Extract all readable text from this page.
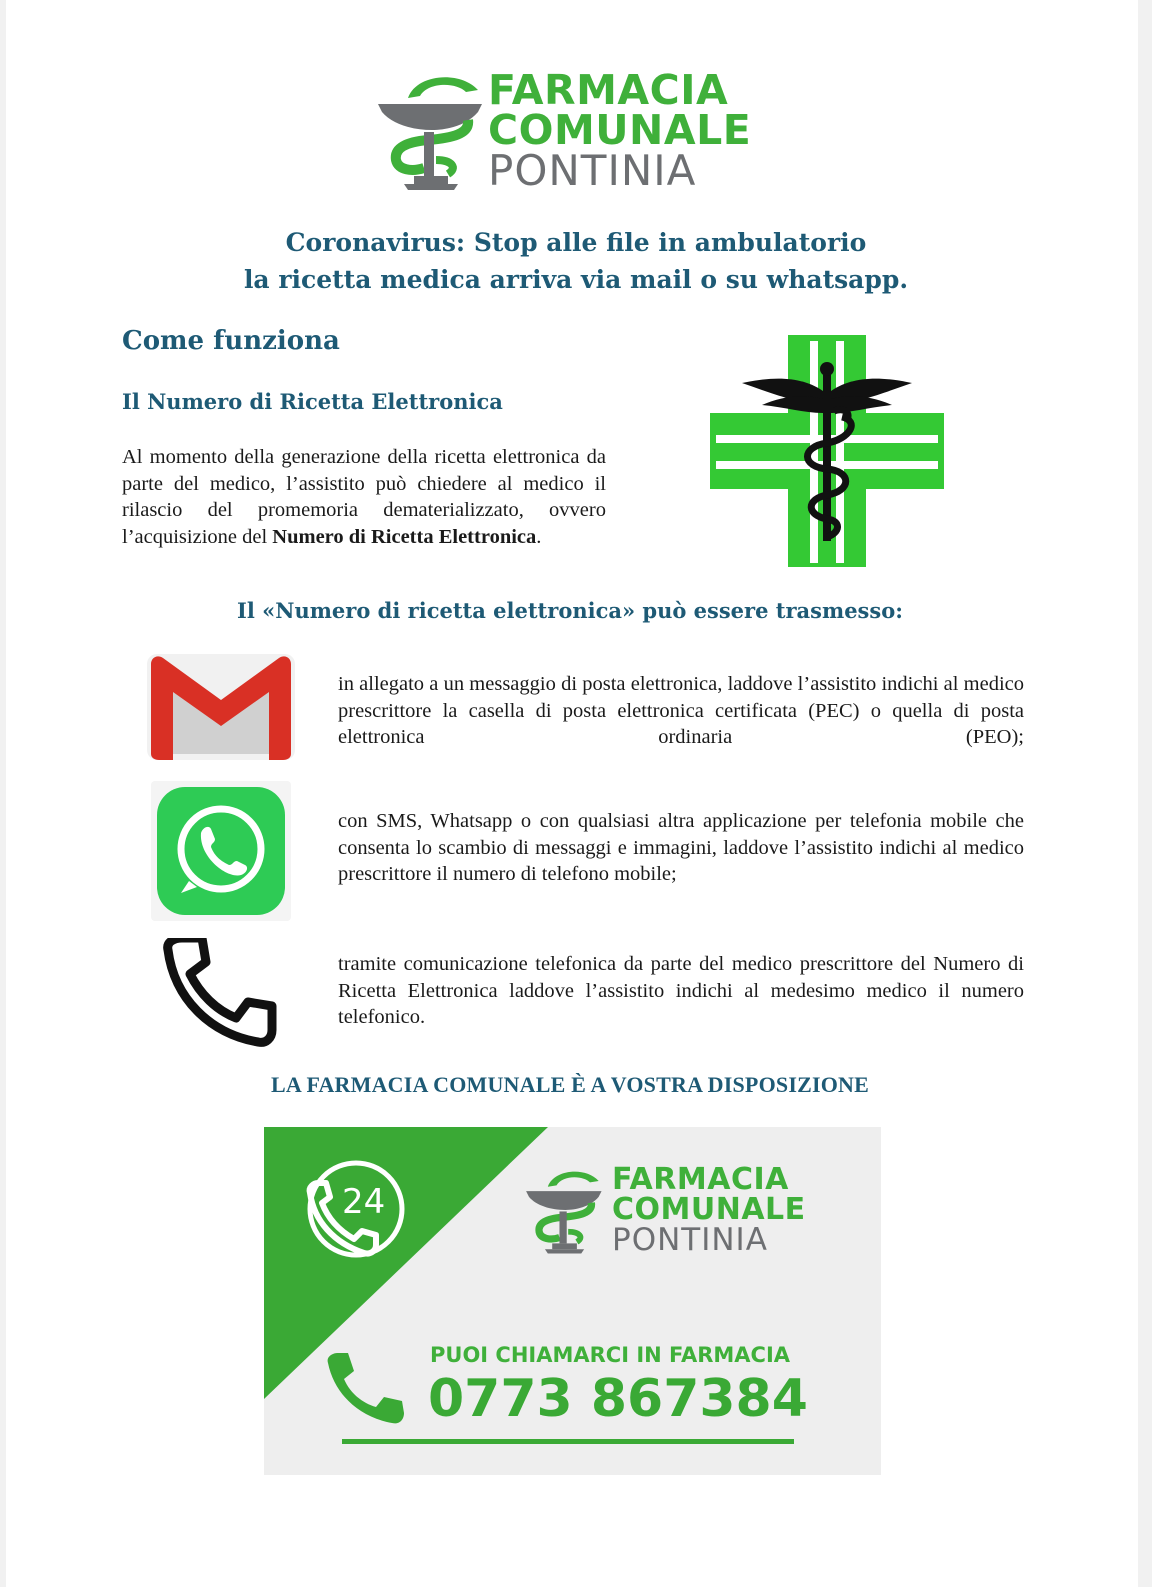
FARMACIA
COMUNALE
PONTINIA
Coronavirus: Stop alle file in ambulatorio
la ricetta medica arriva via mail o su whatsapp.
Come funziona
Il Numero di Ricetta Elettronica
Al momento della generazione della ricetta elettronica da parte del medico, l’assistito può chiedere al medico il rilascio del promemoria dematerializzato, ovvero l’acquisizione del Numero di Ricetta Elettronica.
Il «Numero di ricetta elettronica» può essere trasmesso:
in allegato a un messaggio di posta elettronica, laddove l’assistito indichi al medico prescrittore la casella di posta elettronica certificata (PEC) o quella di posta elettronica ordinaria (PEO);
con SMS, Whatsapp o con qualsiasi altra applicazione per telefonia mobile che consenta lo scambio di messaggi e immagini, laddove l’assistito indichi al medico prescrittore il numero di telefono mobile;
tramite comunicazione telefonica da parte del medico prescrittore del Numero di Ricetta Elettronica laddove l’assistito indichi al medesimo medico il numero telefonico.
LA FARMACIA COMUNALE È A VOSTRA DISPOSIZIONE
24
FARMACIA
COMUNALE
PONTINIA
PUOI CHIAMARCI IN FARMACIA
0773 867384
